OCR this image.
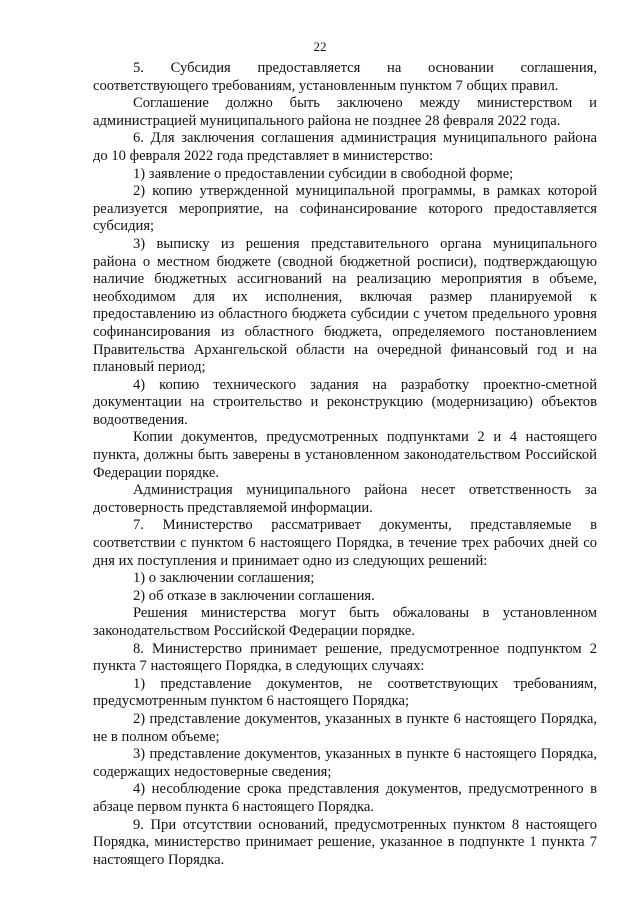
22

5. Субсидия предоставляется на основании соглашения, соответствующего требованиям, установленным пунктом 7 общих правил.

Соглашение должно быть заключено между министерством и администрацией муниципального района не позднее 28 февраля 2022 года.

6. Для заключения соглашения администрация муниципального района до 10 февраля 2022 года представляет в министерство:

1) заявление о предоставлении субсидии в свободной форме;

2) копию утвержденной муниципальной программы, в рамках которой реализуется мероприятие, на софинансирование которого предоставляется субсидия;

3) выписку из решения представительного органа муниципального района о местном бюджете (сводной бюджетной росписи), подтверждающую наличие бюджетных ассигнований на реализацию мероприятия в объеме, необходимом для их исполнения, включая размер планируемой к предоставлению из областного бюджета субсидии с учетом предельного уровня софинансирования из областного бюджета, определяемого постановлением Правительства Архангельской области на очередной финансовый год и на плановый период;

4) копию технического задания на разработку проектно-сметной документации на строительство и реконструкцию (модернизацию) объектов водоотведения.

Копии документов, предусмотренных подпунктами 2 и 4 настоящего пункта, должны быть заверены в установленном законодательством Российской Федерации порядке.

Администрация муниципального района несет ответственность за достоверность представляемой информации.

7. Министерство рассматривает документы, представляемые в соответствии с пунктом 6 настоящего Порядка, в течение трех рабочих дней со дня их поступления и принимает одно из следующих решений:

1) о заключении соглашения;

2) об отказе в заключении соглашения.

Решения министерства могут быть обжалованы в установленном законодательством Российской Федерации порядке.

8. Министерство принимает решение, предусмотренное подпунктом 2 пункта 7 настоящего Порядка, в следующих случаях:

1) представление документов, не соответствующих требованиям, предусмотренным пунктом 6 настоящего Порядка;

2) представление документов, указанных в пункте 6 настоящего Порядка, не в полном объеме;

3) представление документов, указанных в пункте 6 настоящего Порядка, содержащих недостоверные сведения;

4) несоблюдение срока представления документов, предусмотренного в абзаце первом пункта 6 настоящего Порядка.

9. При отсутствии оснований, предусмотренных пунктом 8 настоящего Порядка, министерство принимает решение, указанное в подпункте 1 пункта 7 настоящего Порядка.
